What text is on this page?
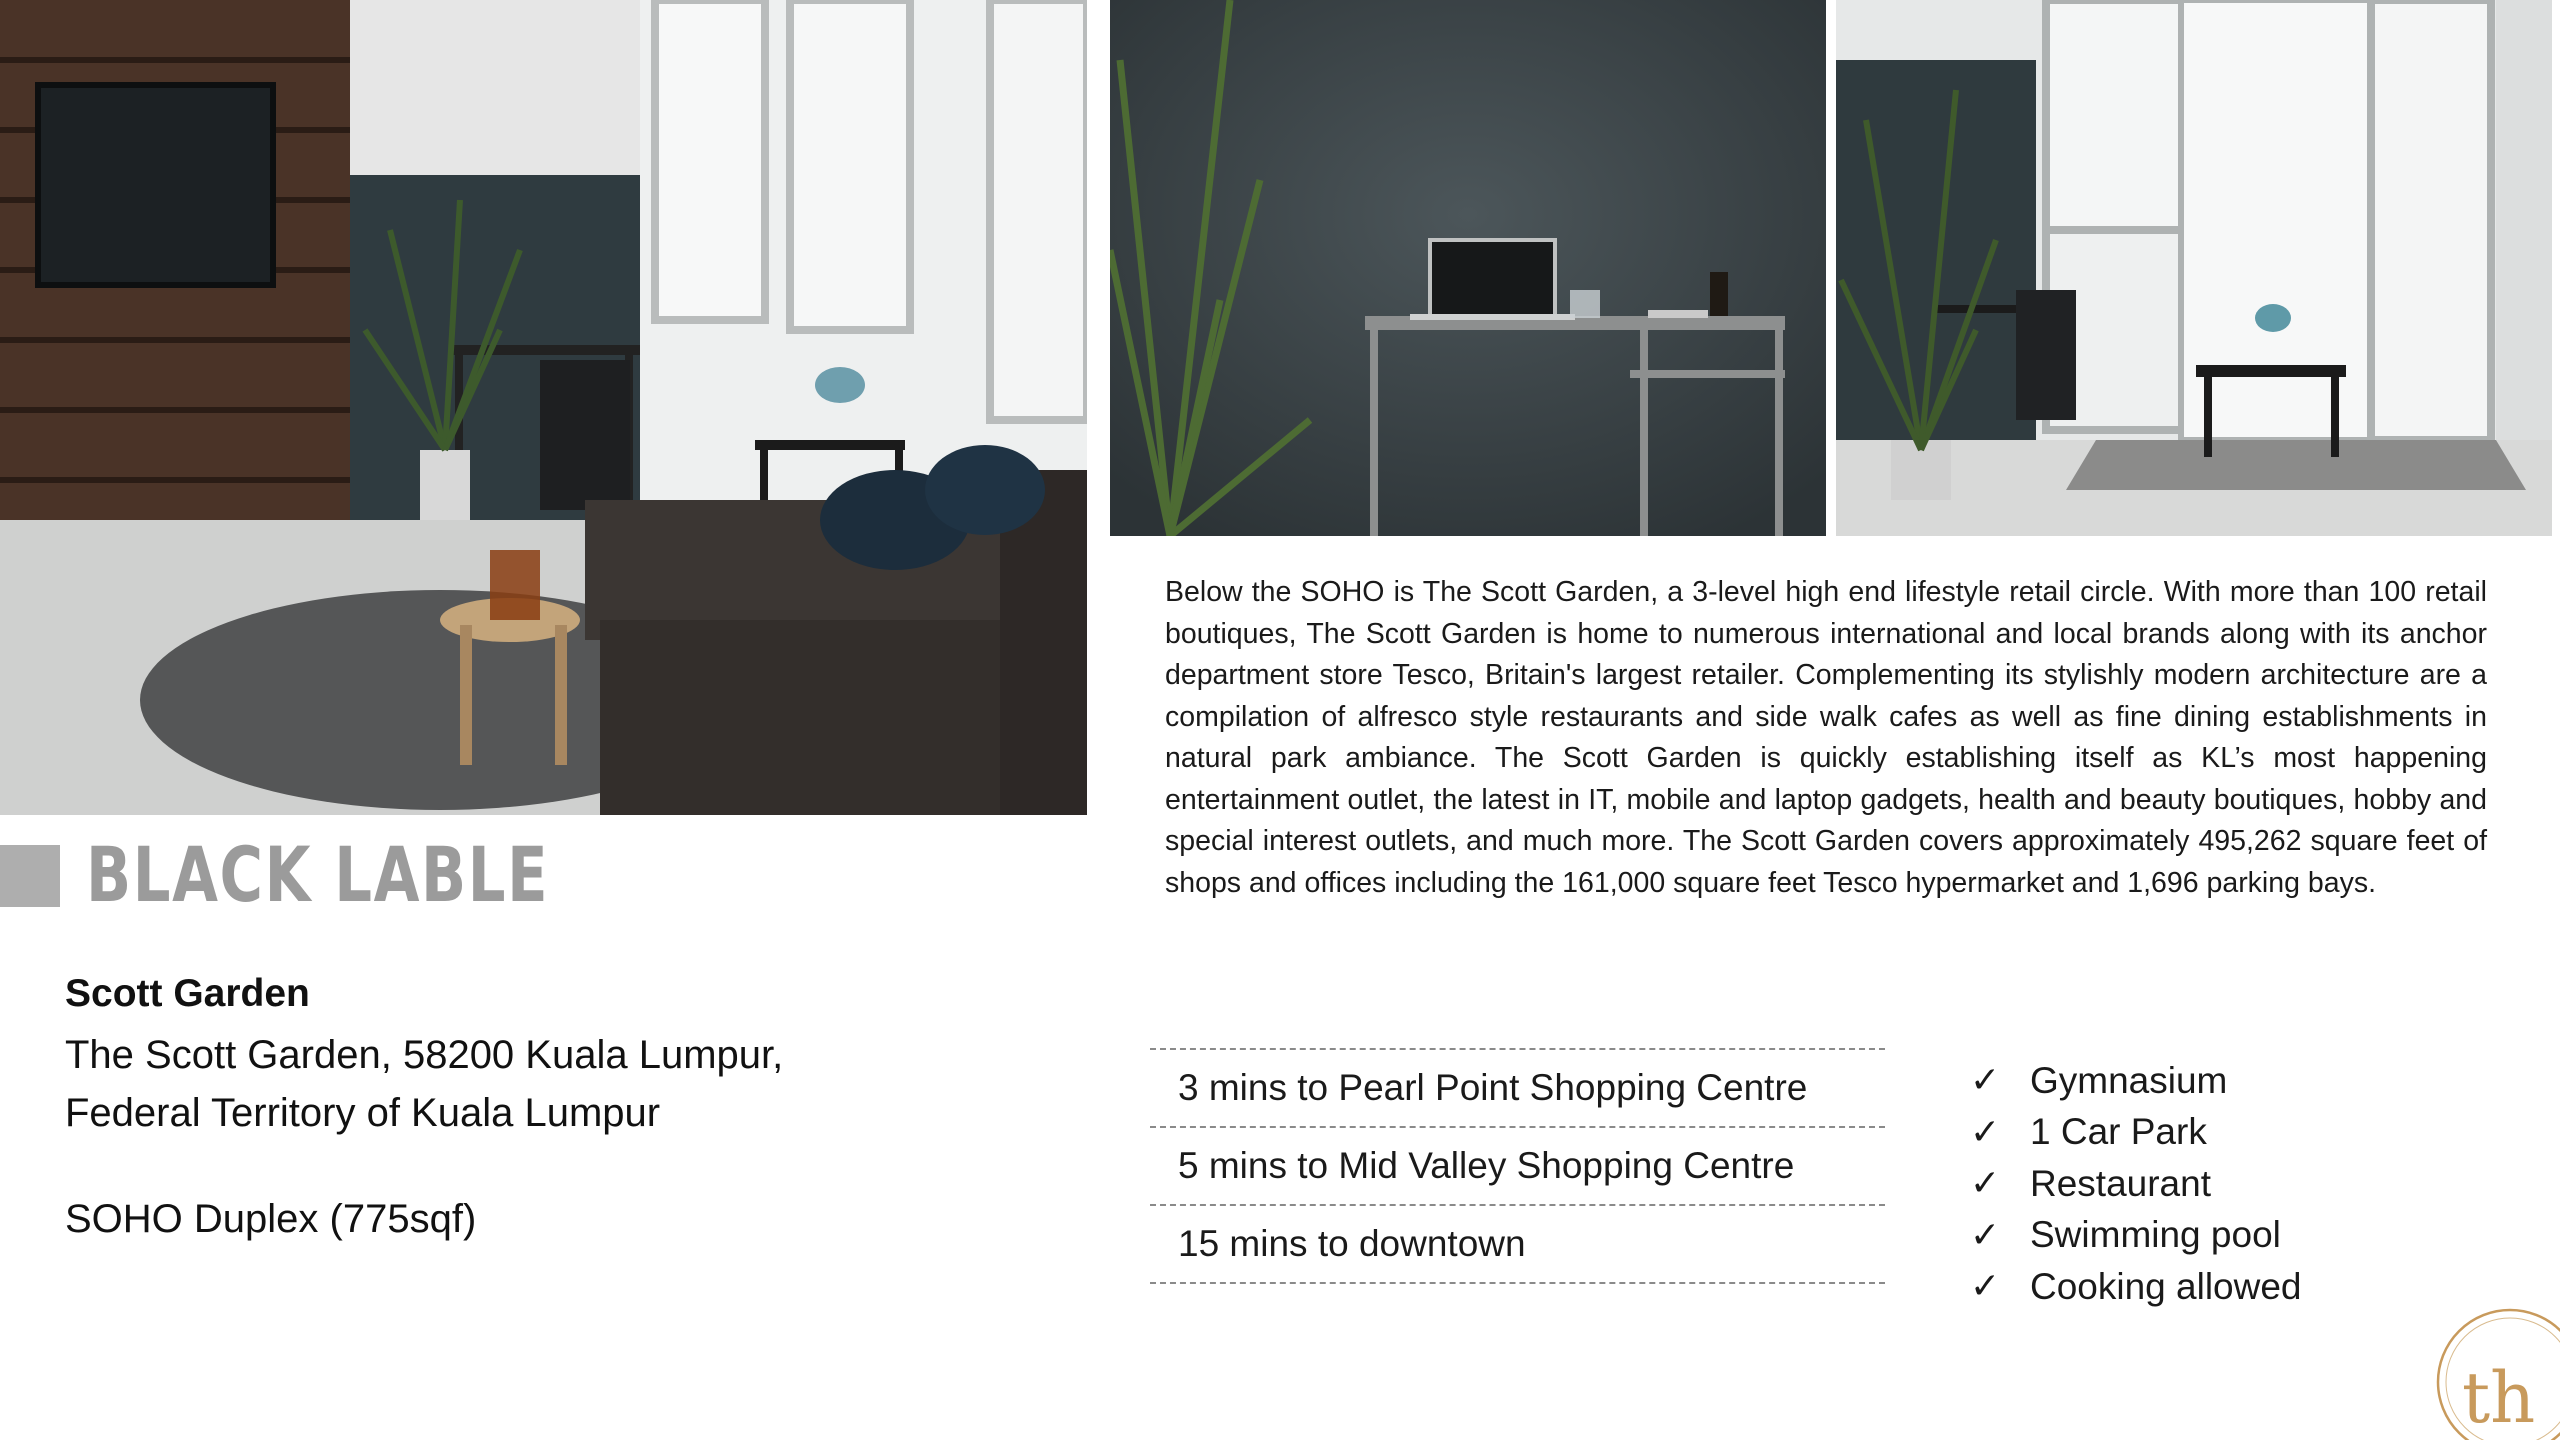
BLACK LABLE
Scott Garden
The Scott Garden, 58200 Kuala Lumpur,
Federal Territory of Kuala Lumpur
SOHO Duplex (775sqf)
Below the SOHO is The Scott Garden, a 3-level high end lifestyle retail circle. With more than 100 retail boutiques, The Scott Garden is home to numerous international and local brands along with its anchor department store Tesco, Britain's largest retailer. Complementing its stylishly modern architecture are a compilation of alfresco style restaurants and side walk cafes as well as fine dining establishments in natural park ambiance. The Scott Garden is quickly establishing itself as KL’s most happening entertainment outlet, the latest in IT, mobile and laptop gadgets, health and beauty boutiques, hobby and special interest outlets, and much more. The Scott Garden covers approximately 495,262 square feet of shops and offices including the 161,000 square feet Tesco hypermarket and 1,696 parking bays.
3 mins to Pearl Point Shopping Centre
5 mins to Mid Valley Shopping Centre
15 mins to downtown
✓ Gymnasium
✓ 1 Car Park
✓ Restaurant
✓ Swimming pool
✓ Cooking allowed
th
